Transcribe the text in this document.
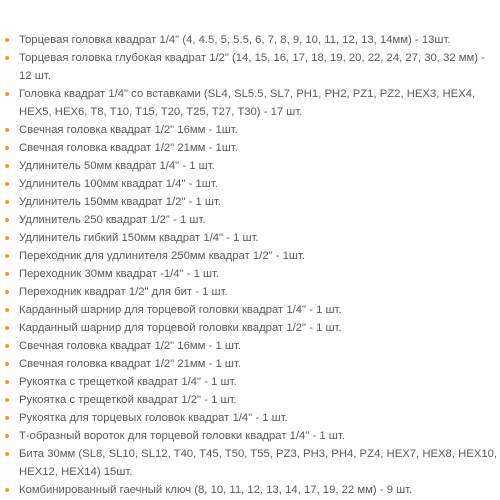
Торцевая головка квадрат 1/4" (4, 4.5, 5, 5.5, 6, 7, 8, 9, 10, 11, 12, 13, 14мм) - 13шт.
Торцевая головка глубокая квадрат 1/2" (14, 15, 16, 17, 18, 19, 20, 22, 24, 27, 30, 32 мм) - 12 шт.
Головка квадрат 1/4" со вставками (SL4, SL5.5, SL7, PH1, PH2, PZ1, PZ2, HEX3, HEX4, HEX5, HEX6, T8, T10, T15, T20, T25, T27, T30) - 17 шт.
Свечная головка квадрат 1/2" 16мм - 1шт.
Свечная головка квадрат 1/2" 21мм - 1шт.
Удлинитель 50мм квадрат 1/4" - 1 шт.
Удлинитель 100мм квадрат 1/4" - 1шт.
Удлинитель 150мм квадрат 1/2" - 1 шт.
Удлинитель 250 квадрат 1/2" - 1 шт.
Удлинитель гибкий 150мм квадрат 1/4" - 1 шт.
Переходник для удлинителя 250мм квадрат 1/2" - 1шт.
Переходник 30мм квадрат -1/4" - 1 шт.
Переходник квадрат 1/2" для бит - 1 шт.
Карданный шарнир для торцевой головки квадрат 1/4" - 1 шт.
Карданный шарнир для торцевой головки квадрат 1/2" - 1 шт.
Свечная головка квадрат 1/2" 16мм - 1 шт.
Свечная головка квадрат 1/2" 21мм - 1 шт.
Рукоятка с трещеткой квадрат 1/4" - 1 шт.
Рукоятка с трещеткой квадрат 1/2" - 1 шт.
Рукоятка для торцевых головок квадрат 1/4" - 1 шт.
Т-образный вороток для торцевой головки квадрат 1/4" - 1 шт.
Бита 30мм (SL8, SL10, SL12, T40, T45, T50, T55, PZ3, PH3, PH4, PZ4, HEX7, HEX8, HEX10, HEX12, HEX14) 15шт.
Комбинированный гаечный ключ (8, 10, 11, 12, 13, 14, 17, 19, 22 мм) - 9 шт.
